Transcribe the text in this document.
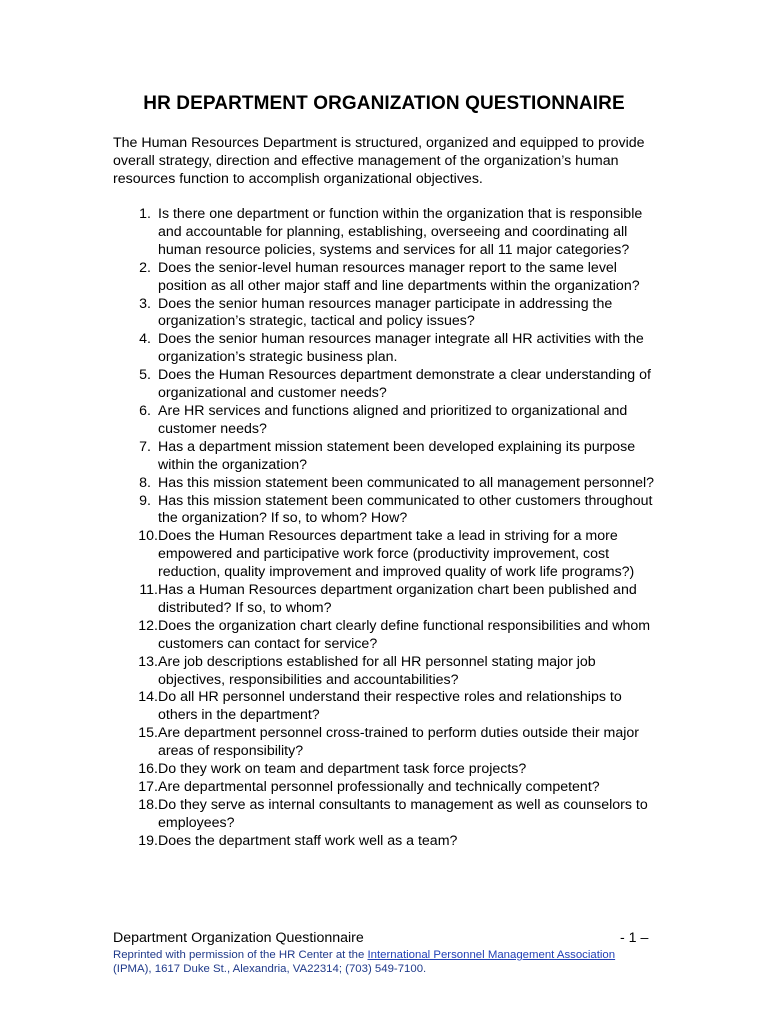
HR DEPARTMENT ORGANIZATION QUESTIONNAIRE
The Human Resources Department is structured, organized and equipped to provide overall strategy, direction and effective management of the organization’s human resources function to accomplish organizational objectives.
1. Is there one department or function within the organization that is responsible and accountable for planning, establishing, overseeing and coordinating all human resource policies, systems and services for all 11 major categories?
2. Does the senior-level human resources manager report to the same level position as all other major staff and line departments within the organization?
3. Does the senior human resources manager participate in addressing the organization’s strategic, tactical and policy issues?
4. Does the senior human resources manager integrate all HR activities with the organization’s strategic business plan.
5. Does the Human Resources department demonstrate a clear understanding of organizational and customer needs?
6. Are HR services and functions aligned and prioritized to organizational and customer needs?
7. Has a department mission statement been developed explaining its purpose within the organization?
8. Has this mission statement been communicated to all management personnel?
9. Has this mission statement been communicated to other customers throughout the organization? If so, to whom? How?
10. Does the Human Resources department take a lead in striving for a more empowered and participative work force (productivity improvement, cost reduction, quality improvement and improved quality of work life programs?)
11. Has a Human Resources department organization chart been published and distributed? If so, to whom?
12. Does the organization chart clearly define functional responsibilities and whom customers can contact for service?
13. Are job descriptions established for all HR personnel stating major job objectives, responsibilities and accountabilities?
14. Do all HR personnel understand their respective roles and relationships to others in the department?
15. Are department personnel cross-trained to perform duties outside their major areas of responsibility?
16. Do they work on team and department task force projects?
17. Are departmental personnel professionally and technically competent?
18. Do they serve as internal consultants to management as well as counselors to employees?
19. Does the department staff work well as a team?
Department Organization Questionnaire	- 1 –
Reprinted with permission of the HR Center at the International Personnel Management Association (IPMA), 1617 Duke St., Alexandria, VA22314; (703) 549-7100.
